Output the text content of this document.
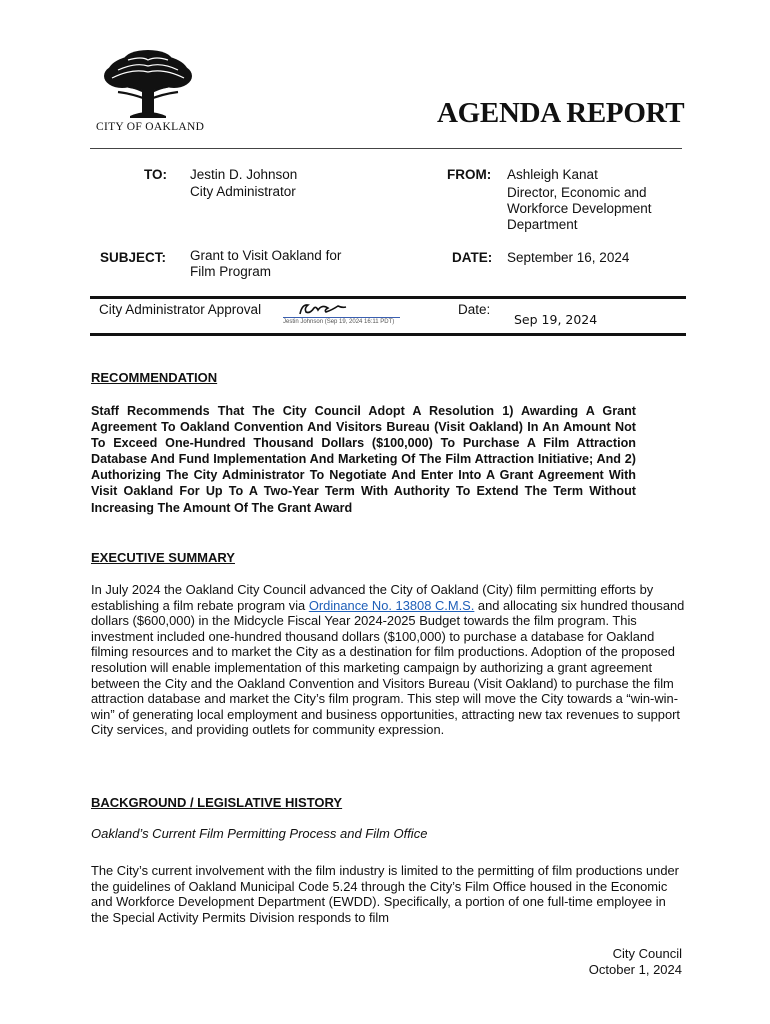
CITY OF OAKLAND	AGENDA REPORT
TO: Jestin D. Johnson
City Administrator
FROM: Ashleigh Kanat
Director, Economic and
Workforce Development
Department
SUBJECT: Grant to Visit Oakland for
Film Program
DATE: September 16, 2024
City Administrator Approval
Jestin Johnson (Sep 19, 2024 16:11 PDT)
Date:
Sep 19, 2024
RECOMMENDATION
Staff Recommends That The City Council Adopt A Resolution 1) Awarding A Grant Agreement To Oakland Convention And Visitors Bureau (Visit Oakland) In An Amount Not To Exceed One-Hundred Thousand Dollars ($100,000) To Purchase A Film Attraction Database And Fund Implementation And Marketing Of The Film Attraction Initiative; And 2) Authorizing The City Administrator To Negotiate And Enter Into A Grant Agreement With Visit Oakland For Up To A Two-Year Term With Authority To Extend The Term Without Increasing The Amount Of The Grant Award
EXECUTIVE SUMMARY
In July 2024 the Oakland City Council advanced the City of Oakland (City) film permitting efforts by establishing a film rebate program via Ordinance No. 13808 C.M.S. and allocating six hundred thousand dollars ($600,000) in the Midcycle Fiscal Year 2024-2025 Budget towards the film program. This investment included one-hundred thousand dollars ($100,000) to purchase a database for Oakland filming resources and to market the City as a destination for film productions. Adoption of the proposed resolution will enable implementation of this marketing campaign by authorizing a grant agreement between the City and the Oakland Convention and Visitors Bureau (Visit Oakland) to purchase the film attraction database and market the City’s film program. This step will move the City towards a “win-win-win” of generating local employment and business opportunities, attracting new tax revenues to support City services, and providing outlets for community expression.
BACKGROUND / LEGISLATIVE HISTORY
Oakland’s Current Film Permitting Process and Film Office
The City’s current involvement with the film industry is limited to the permitting of film productions under the guidelines of Oakland Municipal Code 5.24 through the City’s Film Office housed in the Economic and Workforce Development Department (EWDD). Specifically, a portion of one full-time employee in the Special Activity Permits Division responds to film
City Council
October 1, 2024
